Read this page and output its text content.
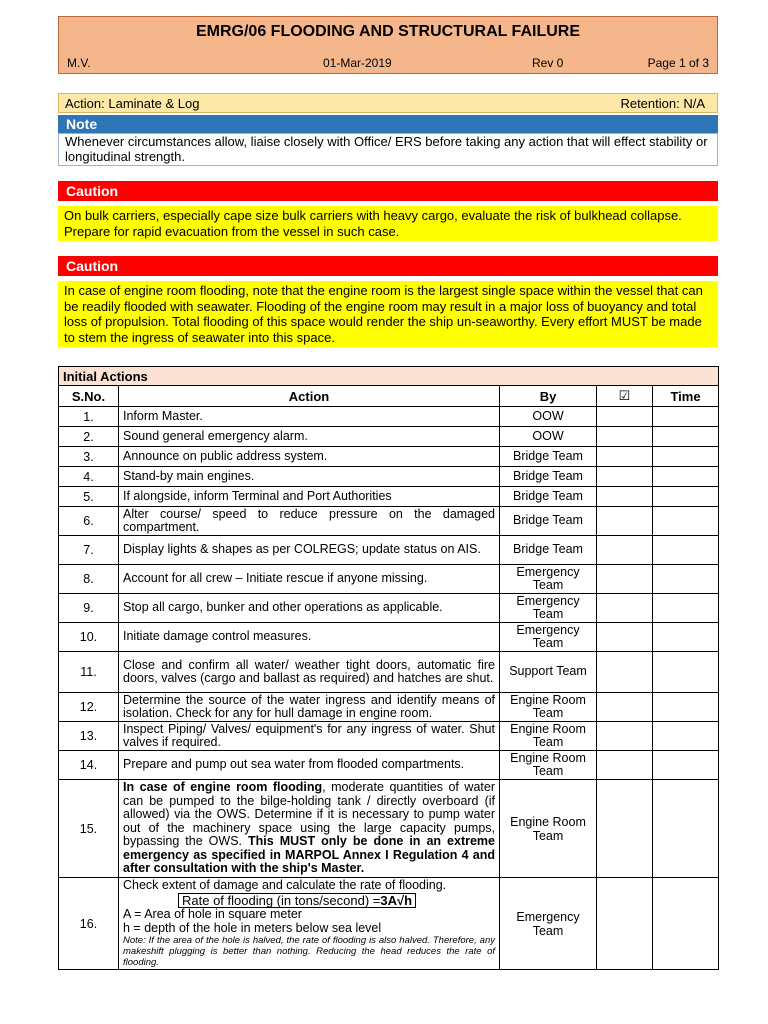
EMRG/06 FLOODING AND STRUCTURAL FAILURE
M.V.	01-Mar-2019	Rev 0	Page 1 of 3
Action: Laminate & Log	Retention: N/A
Note
Whenever circumstances allow, liaise closely with Office/ ERS before taking any action that will effect stability or longitudinal strength.
Caution
On bulk carriers, especially cape size bulk carriers with heavy cargo, evaluate the risk of bulkhead collapse. Prepare for rapid evacuation from the vessel in such case.
Caution
In case of engine room flooding, note that the engine room is the largest single space within the vessel that can be readily flooded with seawater. Flooding of the engine room may result in a major loss of buoyancy and total loss of propulsion. Total flooding of this space would render the ship un-seaworthy. Every effort MUST be made to stem the ingress of seawater into this space.
Initial Actions				
S.No.	Action	By	☑	Time
1.	Inform Master.	OOW		
2.	Sound general emergency alarm.	OOW		
3.	Announce on public address system.	Bridge Team		
4.	Stand-by main engines.	Bridge Team		
5.	If alongside, inform Terminal and Port Authorities	Bridge Team		
6.	Alter course/ speed to reduce pressure on the damaged compartment.	Bridge Team		
7.	Display lights & shapes as per COLREGS; update status on AIS.	Bridge Team		
8.	Account for all crew – Initiate rescue if anyone missing.	Emergency Team		
9.	Stop all cargo, bunker and other operations as applicable.	Emergency Team		
10.	Initiate damage control measures.	Emergency Team		
11.	Close and confirm all water/ weather tight doors, automatic fire doors, valves (cargo and ballast as required) and hatches are shut.	Support Team		
12.	Determine the source of the water ingress and identify means of isolation. Check for any for hull damage in engine room.	Engine Room Team		
13.	Inspect Piping/ Valves/ equipment's for any ingress of water. Shut valves if required.	Engine Room Team		
14.	Prepare and pump out sea water from flooded compartments.	Engine Room Team		
15.	In case of engine room flooding, moderate quantities of water can be pumped to the bilge-holding tank / directly overboard (if allowed) via the OWS. Determine if it is necessary to pump water out of the machinery space using the large capacity pumps, bypassing the OWS. This MUST only be done in an extreme emergency as specified in MARPOL Annex I Regulation 4 and after consultation with the ship's Master.	Engine Room Team		
16.	Check extent of damage and calculate the rate of flooding.
Rate of flooding (in tons/second) =3A√h
A = Area of hole in square meter
h = depth of the hole in meters below sea level
Note: If the area of the hole is halved, the rate of flooding is also halved. Therefore, any makeshift plugging is better than nothing. Reducing the head reduces the rate of flooding.	Emergency Team		
